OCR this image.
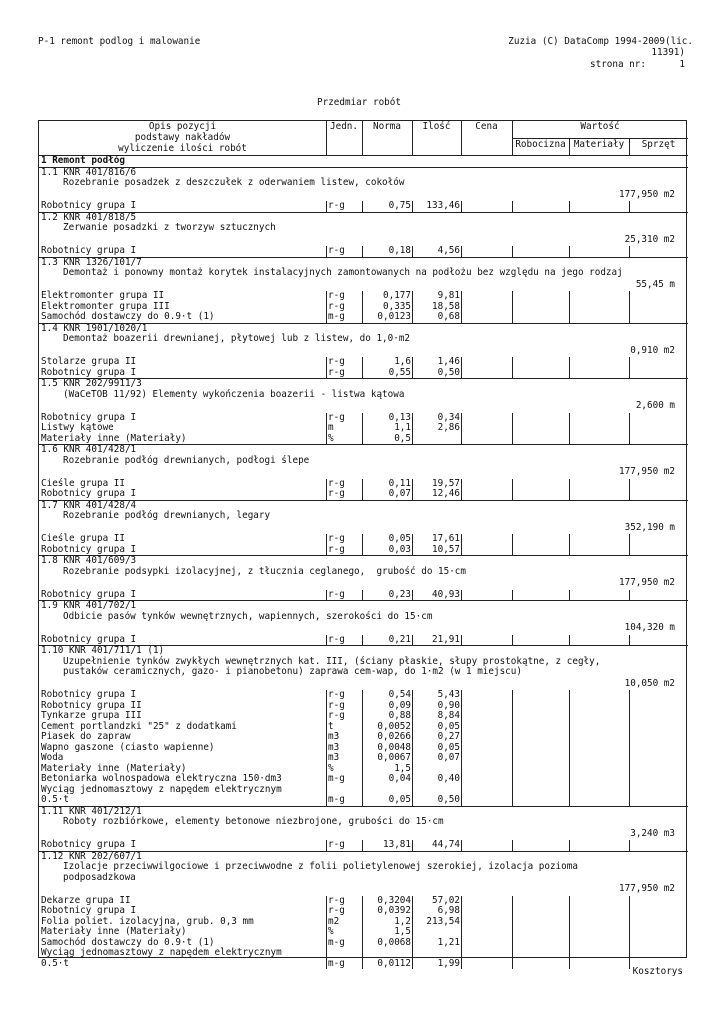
P-1 remont podlog i malowanie	Zuzia (C) DataComp 1994-2009(lic.
11391)
strona nr:	1
Przedmiar robót
Opis pozycji
podstawy nakładów
wyliczenie ilości robót
Jedn.	Norma	Ilość	Cena	Wartość
Robocizna Materiały	Sprzęt
1 Remont podłóg
1.1 KNR 401/816/6
Rozebranie posadzek z deszczułek z oderwaniem listew, cokołów
177,950 m2
Robotnicy grupa I	r-g	0,75	133,46
1.2 KNR 401/818/5
Zerwanie posadzki z tworzyw sztucznych
25,310 m2
Robotnicy grupa I	r-g	0,18	4,56
1.3 KNR 1326/101/7
Demontaż i ponowny montaż korytek instalacyjnych zamontowanych na podłożu bez względu na jego rodzaj
55,45 m
Elektromonter grupa II	r-g	0,177	9,81
Elektromonter grupa III	r-g	0,335	18,58
Samochód dostawczy do 0.9·t (1)	m-g	0,0123	0,68
1.4 KNR 1901/1020/1
Demontaż boazerii drewnianej, płytowej lub z listew, do 1,0·m2
0,910 m2
Stolarze grupa II	r-g	1,6	1,46
Robotnicy grupa I	r-g	0,55	0,50
1.5 KNR 202/9911/3
(WaCeTOB 11/92) Elementy wykończenia boazerii - listwa kątowa
2,600 m
Robotnicy grupa I	r-g	0,13	0,34
Listwy kątowe	m	1,1	2,86
Materiały inne (Materiały)	%	0,5
1.6 KNR 401/428/1
Rozebranie podłóg drewnianych, podłogi ślepe
177,950 m2
Cieśle grupa II	r-g	0,11	19,57
Robotnicy grupa I	r-g	0,07	12,46
1.7 KNR 401/428/4
Rozebranie podłóg drewnianych, legary
352,190 m
Cieśle grupa II	r-g	0,05	17,61
Robotnicy grupa I	r-g	0,03	10,57
1.8 KNR 401/609/3
Rozebranie podsypki izolacyjnej, z tłucznia ceglanego,  grubość do 15·cm
177,950 m2
Robotnicy grupa I	r-g	0,23	40,93
1.9 KNR 401/702/1
Odbicie pasów tynków wewnętrznych, wapiennych, szerokości do 15·cm
104,320 m
Robotnicy grupa I	r-g	0,21	21,91
1.10 KNR 401/711/1 (1)
Uzupełnienie tynków zwykłych wewnętrznych kat. III, (ściany płaskie, słupy prostokątne, z cegły,
pustaków ceramicznych, gazo- i pianobetonu) zaprawa cem-wap, do 1·m2 (w 1 miejscu)
10,050 m2
Robotnicy grupa I	r-g	0,54	5,43
Robotnicy grupa II	r-g	0,09	0,90
Tynkarze grupa III	r-g	0,88	8,84
Cement portlandzki "25" z dodatkami	t	0,0052	0,05
Piasek do zapraw	m3	0,0266	0,27
Wapno gaszone (ciasto wapienne)	m3	0,0048	0,05
Woda	m3	0,0067	0,07
Materiały inne (Materiały)	%	1,5
Betoniarka wolnospadowa elektryczna 150·dm3	m-g	0,04	0,40
Wyciąg jednomasztowy z napędem elektrycznym
0.5·t	m-g	0,05	0,50
1.11 KNR 401/212/1
Roboty rozbiórkowe, elementy betonowe niezbrojone, grubości do 15·cm
3,240 m3
Robotnicy grupa I	r-g	13,81	44,74
1.12 KNR 202/607/1
Izolacje przeciwwilgociowe i przeciwwodne z folii polietylenowej szerokiej, izolacja pozioma
podposadzkowa
177,950 m2
Dekarze grupa II	r-g	0,3204	57,02
Robotnicy grupa I	r-g	0,0392	6,98
Folia poliet. izolacyjna, grub. 0,3 mm	m2	1,2	213,54
Materiały inne (Materiały)	%	1,5
Samochód dostawczy do 0.9·t (1)	m-g	0,0068	1,21
Wyciąg jednomasztowy z napędem elektrycznym
0.5·t	m-g	0,0112	1,99
Kosztorys
